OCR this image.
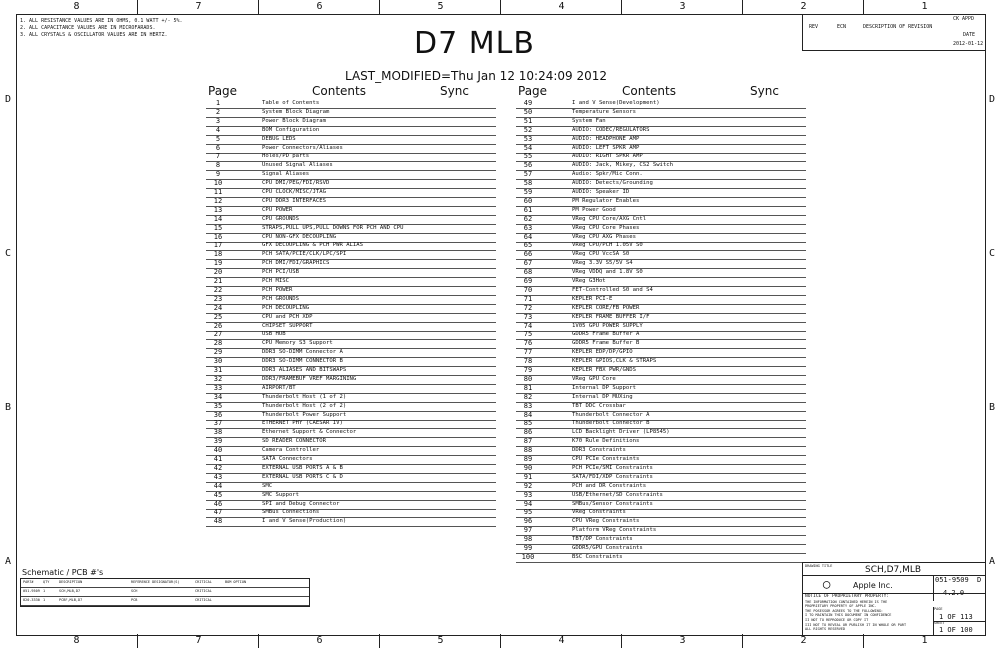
8	7	6	5	4	3	2	1
8	7	6	5	4	3	2	1
D
C
B
A
D
C
B
A
1. ALL RESISTANCE VALUES ARE IN OHMS, 0.1 WATT +/- 5%.
2. ALL CAPACITANCE VALUES ARE IN MICROFARADS.
3. ALL CRYSTALS & OSCILLATOR VALUES ARE IN HERTZ.
REV	ECN	DESCRIPTION OF REVISION
CK APPD
DATE
2012-01-12
D7 MLB
LAST_MODIFIED=Thu Jan 12 10:24:09 2012
Page	Contents	Sync	Page	Contents	Sync
1	Table of Contents
2	System Block Diagram
3	Power Block Diagram
4	BOM Configuration
5	DEBUG LEDS
6	Power Connectors/Aliases
7	Holes/PD parts
8	Unused Signal Aliases
9	Signal Aliases
10	CPU DMI/PEG/FDI/RSVD
11	CPU CLOCK/MISC/JTAG
12	CPU DDR3 INTERFACES
13	CPU POWER
14	CPU GROUNDS
15	STRAPS,PULL UPS,PULL DOWNS FOR PCH AND CPU
16	CPU NON-GFX DECOUPLING
17	GFX DECOUPLING & PCH PWR ALIAS
18	PCH SATA/PCIE/CLK/LPC/SPI
19	PCH DMI/FDI/GRAPHICS
20	PCH PCI/USB
21	PCH MISC
22	PCH POWER
23	PCH GROUNDS
24	PCH DECOUPLING
25	CPU and PCH XDP
26	CHIPSET SUPPORT
27	USB HUB
28	CPU Memory S3 Support
29	DDR3 SO-DIMM Connector A
30	DDR3 SO-DIMM CONNECTOR B
31	DDR3 ALIASES AND BITSWAPS
32	DDR3/FRAMEBUF VREF MARGINING
33	AIRPORT/BT
34	Thunderbolt Host (1 of 2)
35	Thunderbolt Host (2 of 2)
36	Thunderbolt Power Support
37	ETHERNET PHY (CAESAR IV)
38	Ethernet Support & Connector
39	SD READER CONNECTOR
40	Camera Controller
41	SATA Connectors
42	EXTERNAL USB PORTS A & B
43	EXTERNAL USB PORTS C & D
44	SMC
45	SMC Support
46	SPI and Debug Connector
47	SMBus Connections
48	I and V Sense(Production)
49	I and V Sense(Development)
50	Temperature Sensors
51	System Fan
52	AUDIO: CODEC/REGULATORS
53	AUDIO: HEADPHONE AMP
54	AUDIO: LEFT SPKR AMP
55	AUDIO: RIGHT SPKR AMP
56	AUDIO: Jack, Mikey, CS2 Switch
57	Audio: Spkr/Mic Conn.
58	AUDIO: Detects/Grounding
59	AUDIO: Speaker ID
60	PM Regulator Enables
61	PM Power Good
62	VReg CPU Core/AXG Cntl
63	VReg CPU Core Phases
64	VReg CPU AXG Phases
65	VReg CPU/PCH 1.05V S0
66	VReg CPU VccSA S0
67	VReg 3.3V S5/5V S4
68	VReg VDDQ and 1.8V S0
69	VReg G3Hot
70	FET-Controlled S0 and S4
71	KEPLER PCI-E
72	KEPLER CORE/FB POWER
73	KEPLER FRAME BUFFER I/F
74	1V05 GPU POWER SUPPLY
75	GDDR5 Frame Buffer A
76	GDDR5 Frame Buffer B
77	KEPLER EDP/DP/GPIO
78	KEPLER GPIOS,CLK & STRAPS
79	KEPLER FBX PWR/GNDS
80	VReg GPU Core
81	Internal DP Support
82	Internal DP MUXing
83	TBT DDC Crossbar
84	Thunderbolt Connector A
85	Thunderbolt Connector B
86	LCD Backlight Driver (LP8545)
87	K70 Rule Definitions
88	DDR3 Constraints
89	CPU PCIe Constraints
90	PCH PCIe/SMI Constraints
91	SATA/FDI/XDP Constraints
92	PCH and DR Constraints
93	USB/Ethernet/SD Constraints
94	SMBus/Sensor Constraints
95	VReg Constraints
96	CPU VReg Constraints
97	Platform VReg Constraints
98	TBT/DP Constraints
99	GDDR5/GPU Constraints
100	BSC Constraints
Schematic / PCB #'s
PART#	QTY	DESCRIPTION	REFERENCE DESIGNATOR(S)	CRITICAL	BOM OPTION
051-9509 1	SCH,MLB,D7	SCH	CRITICAL
820-3330 1	PCBF,MLB,D7	PCB	CRITICAL
DRAWING TITLE	SCH,D7,MLB
◯	Apple Inc.
051-9509 D
4.2.0
NOTICE OF PROPRIETARY PROPERTY:
THE INFORMATION CONTAINED HEREIN IS THE
PROPRIETARY PROPERTY OF APPLE INC.
THE POSESSOR AGREES TO THE FOLLOWING:
I TO MAINTAIN THIS DOCUMENT IN CONFIDENCE
II NOT TO REPRODUCE OR COPY IT
III NOT TO REVEAL OR PUBLISH IT IN WHOLE OR PART
ALL RIGHTS RESERVED
PAGE
1 OF 113
SHEET
1 OF 100
